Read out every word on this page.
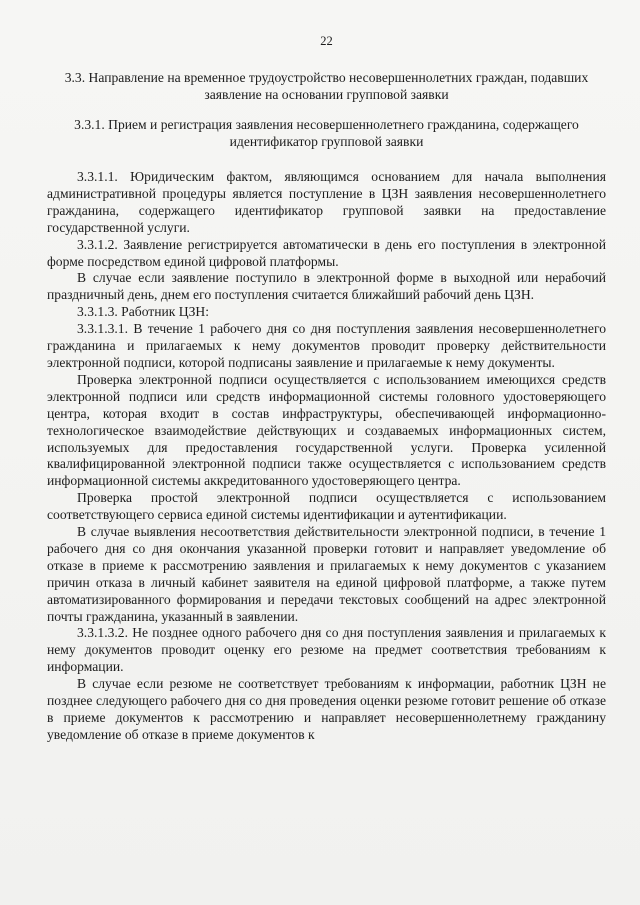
22

3.3. Направление на временное трудоустройство несовершеннолетних граждан, подавших заявление на основании групповой заявки

3.3.1. Прием и регистрация заявления несовершеннолетнего гражданина, содержащего идентификатор групповой заявки

3.3.1.1. Юридическим фактом, являющимся основанием для начала выполнения административной процедуры является поступление в ЦЗН заявления несовершеннолетнего гражданина, содержащего идентификатор групповой заявки на предоставление государственной услуги.

3.3.1.2. Заявление регистрируется автоматически в день его поступления в электронной форме посредством единой цифровой платформы.

В случае если заявление поступило в электронной форме в выходной или нерабочий праздничный день, днем его поступления считается ближайший рабочий день ЦЗН.

3.3.1.3. Работник ЦЗН:

3.3.1.3.1. В течение 1 рабочего дня со дня поступления заявления несовершеннолетнего гражданина и прилагаемых к нему документов проводит проверку действительности электронной подписи, которой подписаны заявление и прилагаемые к нему документы.

Проверка электронной подписи осуществляется с использованием имеющихся средств электронной подписи или средств информационной системы головного удостоверяющего центра, которая входит в состав инфраструктуры, обеспечивающей информационно-технологическое взаимодействие действующих и создаваемых информационных систем, используемых для предоставления государственной услуги. Проверка усиленной квалифицированной электронной подписи также осуществляется с использованием средств информационной системы аккредитованного удостоверяющего центра.

Проверка простой электронной подписи осуществляется с использованием соответствующего сервиса единой системы идентификации и аутентификации.

В случае выявления несоответствия действительности электронной подписи, в течение 1 рабочего дня со дня окончания указанной проверки готовит и направляет уведомление об отказе в приеме к рассмотрению заявления и прилагаемых к нему документов с указанием причин отказа в личный кабинет заявителя на единой цифровой платформе, а также путем автоматизированного формирования и передачи текстовых сообщений на адрес электронной почты гражданина, указанный в заявлении.

3.3.1.3.2. Не позднее одного рабочего дня со дня поступления заявления и прилагаемых к нему документов проводит оценку его резюме на предмет соответствия требованиям к информации.

В случае если резюме не соответствует требованиям к информации, работник ЦЗН не позднее следующего рабочего дня со дня проведения оценки резюме готовит решение об отказе в приеме документов к рассмотрению и направляет несовершеннолетнему гражданину уведомление об отказе в приеме документов к
